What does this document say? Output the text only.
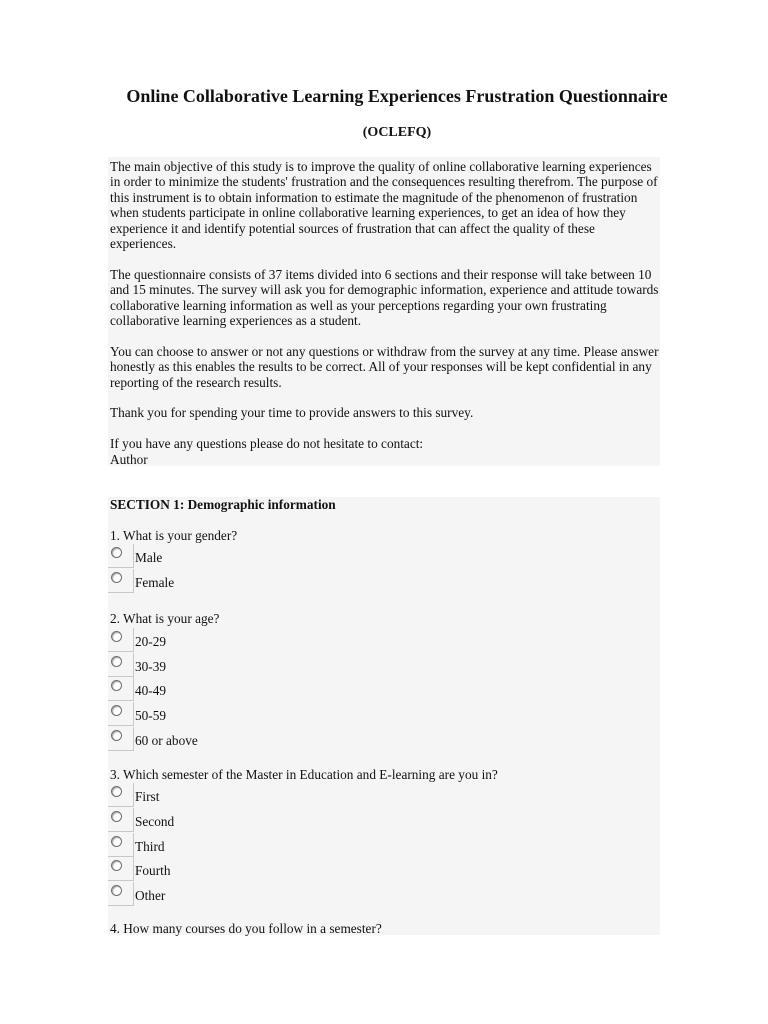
Online Collaborative Learning Experiences Frustration Questionnaire
(OCLEFQ)

The main objective of this study is to improve the quality of online collaborative learning experiences in order to minimize the students' frustration and the consequences resulting therefrom. The purpose of this instrument is to obtain information to estimate the magnitude of the phenomenon of frustration when students participate in online collaborative learning experiences, to get an idea of how they experience it and identify potential sources of frustration that can affect the quality of these experiences.

The questionnaire consists of 37 items divided into 6 sections and their response will take between 10 and 15 minutes. The survey will ask you for demographic information, experience and attitude towards collaborative learning information as well as your perceptions regarding your own frustrating collaborative learning experiences as a student.

You can choose to answer or not any questions or withdraw from the survey at any time. Please answer honestly as this enables the results to be correct. All of your responses will be kept confidential in any reporting of the research results.

Thank you for spending your time to provide answers to this survey.

If you have any questions please do not hesitate to contact:
Author

SECTION 1: Demographic information
1. What is your gender?
Male
Female
2. What is your age?
20-29
30-39
40-49
50-59
60 or above
3. Which semester of the Master in Education and E-learning are you in?
First
Second
Third
Fourth
Other
4. How many courses do you follow in a semester?
